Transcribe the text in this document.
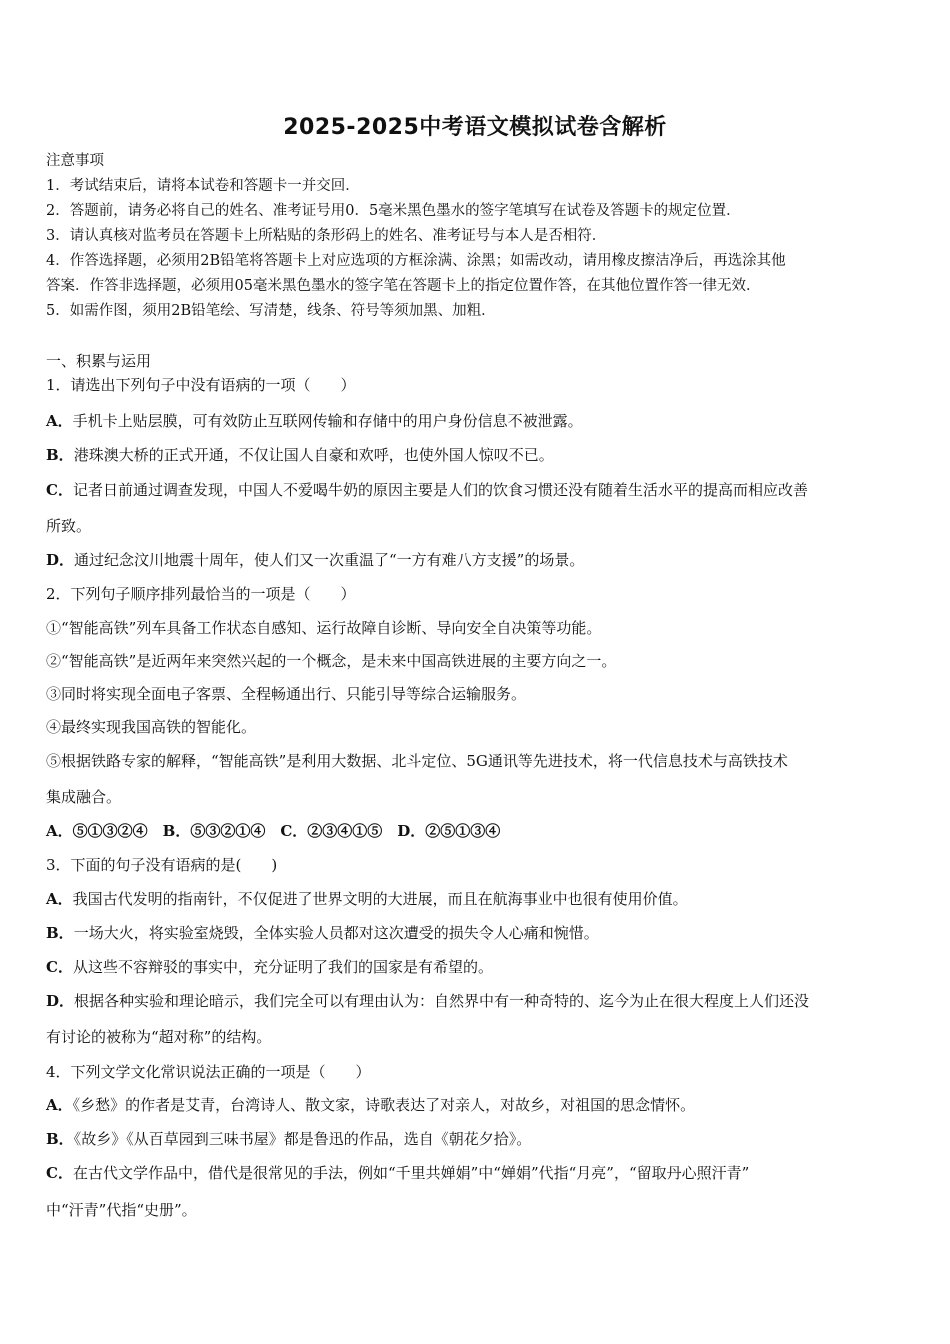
2025-2025中考语文模拟试卷含解析
注意事项
1．考试结束后，请将本试卷和答题卡一并交回．
2．答题前，请务必将自己的姓名、准考证号用0．5毫米黑色墨水的签字笔填写在试卷及答题卡的规定位置．
3．请认真核对监考员在答题卡上所粘贴的条形码上的姓名、准考证号与本人是否相符．
4．作答选择题，必须用2B铅笔将答题卡上对应选项的方框涂满、涂黑；如需改动，请用橡皮擦洁净后，再选涂其他
答案．作答非选择题，必须用05毫米黑色墨水的签字笔在答题卡上的指定位置作答，在其他位置作答一律无效．
5．如需作图，须用2B铅笔绘、写清楚，线条、符号等须加黑、加粗．
一、积累与运用
1．请选出下列句子中没有语病的一项（　　）
A．手机卡上贴层膜，可有效防止互联网传输和存储中的用户身份信息不被泄露。
B．港珠澳大桥的正式开通，不仅让国人自豪和欢呼，也使外国人惊叹不已。
C．记者日前通过调查发现，中国人不爱喝牛奶的原因主要是人们的饮食习惯还没有随着生活水平的提高而相应改善
所致。
D．通过纪念汶川地震十周年，使人们又一次重温了“一方有难八方支援”的场景。
2．下列句子顺序排列最恰当的一项是（　　）
①“智能高铁”列车具备工作状态自感知、运行故障自诊断、导向安全自决策等功能。
②“智能高铁”是近两年来突然兴起的一个概念，是未来中国高铁进展的主要方向之一。
③同时将实现全面电子客票、全程畅通出行、只能引导等综合运输服务。
④最终实现我国高铁的智能化。
⑤根据铁路专家的解释，“智能高铁”是利用大数据、北斗定位、5G通讯等先进技术，将一代信息技术与高铁技术
集成融合。
A．⑤①③②④　B．⑤③②①④　C．②③④①⑤　D．②⑤①③④
3．下面的句子没有语病的是(　　)
A．我国古代发明的指南针，不仅促进了世界文明的大进展，而且在航海事业中也很有使用价值。
B．一场大火，将实验室烧毁，全体实验人员都对这次遭受的损失令人心痛和惋惜。
C．从这些不容辩驳的事实中，充分证明了我们的国家是有希望的。
D．根据各种实验和理论暗示，我们完全可以有理由认为：自然界中有一种奇特的、迄今为止在很大程度上人们还没
有讨论的被称为“超对称”的结构。
4．下列文学文化常识说法正确的一项是（　　）
A．《乡愁》的作者是艾青，台湾诗人、散文家，诗歌表达了对亲人，对故乡，对祖国的思念情怀。
B．《故乡》《从百草园到三味书屋》都是鲁迅的作品，选自《朝花夕拾》。
C．在古代文学作品中，借代是很常见的手法，例如“千里共婵娟”中“婵娟”代指“月亮”，“留取丹心照汗青”
中“汗青”代指“史册”。
